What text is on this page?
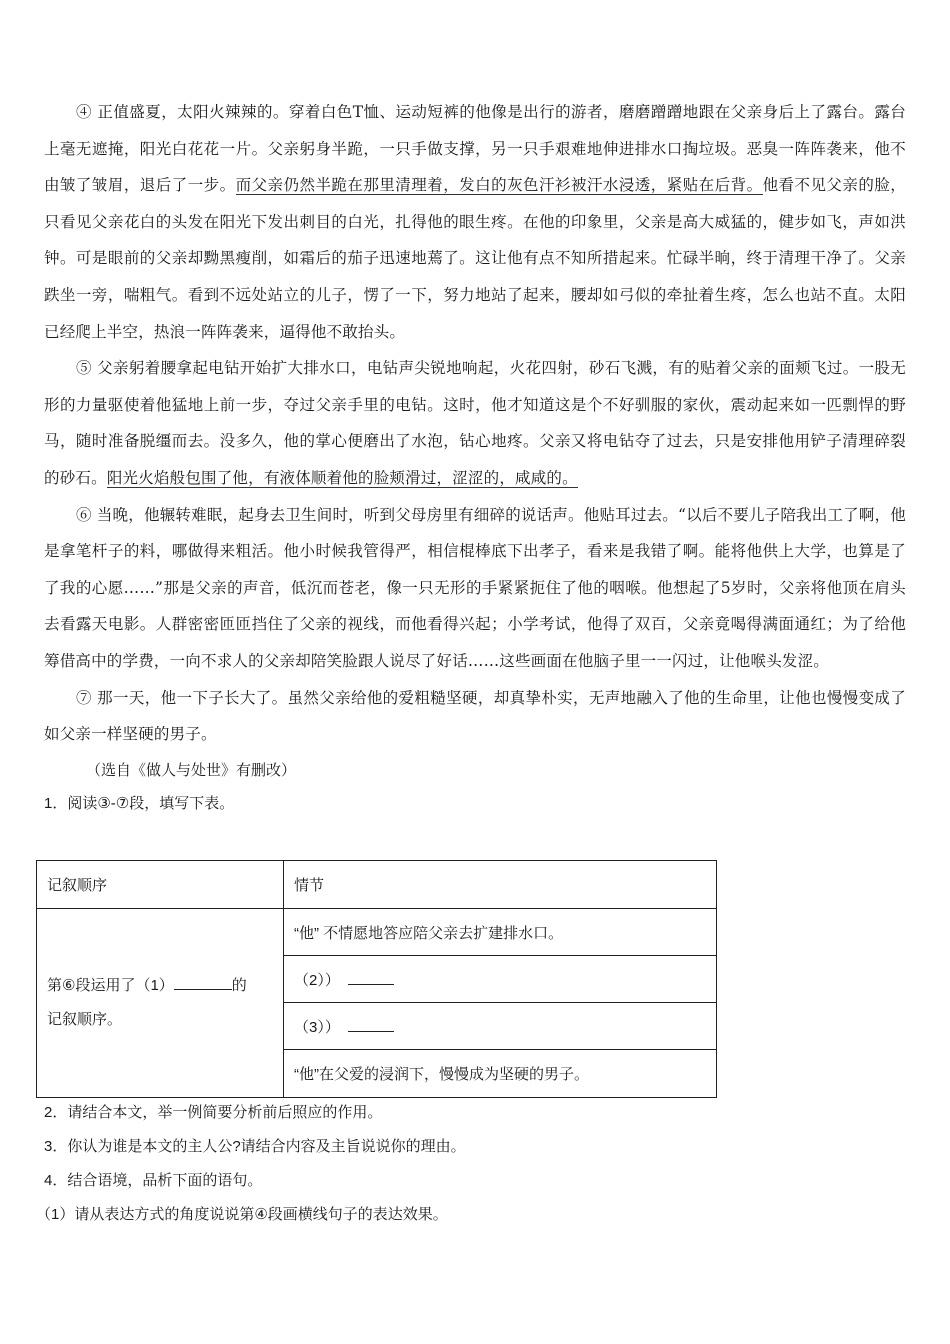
④ 正值盛夏，太阳火辣辣的。穿着白色T恤、运动短裤的他像是出行的游者，磨磨蹭蹭地跟在父亲身后上了露台。露台上毫无遮掩，阳光白花花一片。父亲躬身半跪，一只手做支撑，另一只手艰难地伸进排水口掏垃圾。恶臭一阵阵袭来，他不由皱了皱眉，退后了一步。而父亲仍然半跪在那里清理着，发白的灰色汗衫被汗水浸透，紧贴在后背。他看不见父亲的脸，只看见父亲花白的头发在阳光下发出刺目的白光，扎得他的眼生疼。在他的印象里，父亲是高大威猛的，健步如飞，声如洪钟。可是眼前的父亲却黝黑瘦削，如霜后的茄子迅速地蔫了。这让他有点不知所措起来。忙碌半晌，终于清理干净了。父亲跌坐一旁，喘粗气。看到不远处站立的儿子，愣了一下，努力地站了起来，腰却如弓似的牵扯着生疼，怎么也站不直。太阳已经爬上半空，热浪一阵阵袭来，逼得他不敢抬头。

⑤ 父亲躬着腰拿起电钻开始扩大排水口，电钻声尖锐地响起，火花四射，砂石飞溅，有的贴着父亲的面颊飞过。一股无形的力量驱使着他猛地上前一步，夺过父亲手里的电钻。这时，他才知道这是个不好驯服的家伙，震动起来如一匹剽悍的野马，随时准备脱缰而去。没多久，他的掌心便磨出了水泡，钻心地疼。父亲又将电钻夺了过去，只是安排他用铲子清理碎裂的砂石。阳光火焰般包围了他，有液体顺着他的脸颊滑过，涩涩的，咸咸的。

⑥ 当晚，他辗转难眠，起身去卫生间时，听到父母房里有细碎的说话声。他贴耳过去。“以后不要儿子陪我出工了啊，他是拿笔杆子的料，哪做得来粗活。他小时候我管得严，相信棍棒底下出孝子，看来是我错了啊。能将他供上大学，也算是了了我的心愿……”那是父亲的声音，低沉而苍老，像一只无形的手紧紧扼住了他的咽喉。他想起了5岁时，父亲将他顶在肩头去看露天电影。人群密密匝匝挡住了父亲的视线，而他看得兴起；小学考试，他得了双百，父亲竟喝得满面通红；为了给他筹借高中的学费，一向不求人的父亲却陪笑脸跟人说尽了好话……这些画面在他脑子里一一闪过，让他喉头发涩。

⑦ 那一天，他一下子长大了。虽然父亲给他的爱粗糙坚硬，却真挚朴实，无声地融入了他的生命里，让他也慢慢变成了如父亲一样坚硬的男子。

（选自《做人与处世》有删改）

1．阅读③-⑦段，填写下表。

记叙顺序	情节

第⑥段运用了（1） 的
记叙顺序。	“他” 不情愿地答应陪父亲去扩建排水口。
	（2））
	（3））
	“他”在父爱的浸润下，慢慢成为坚硬的男子。

2．请结合本文，举一例简要分析前后照应的作用。

3．你认为谁是本文的主人公?请结合内容及主旨说说你的理由。

4．结合语境，品析下面的语句。

（1）请从表达方式的角度说说第④段画横线句子的表达效果。
